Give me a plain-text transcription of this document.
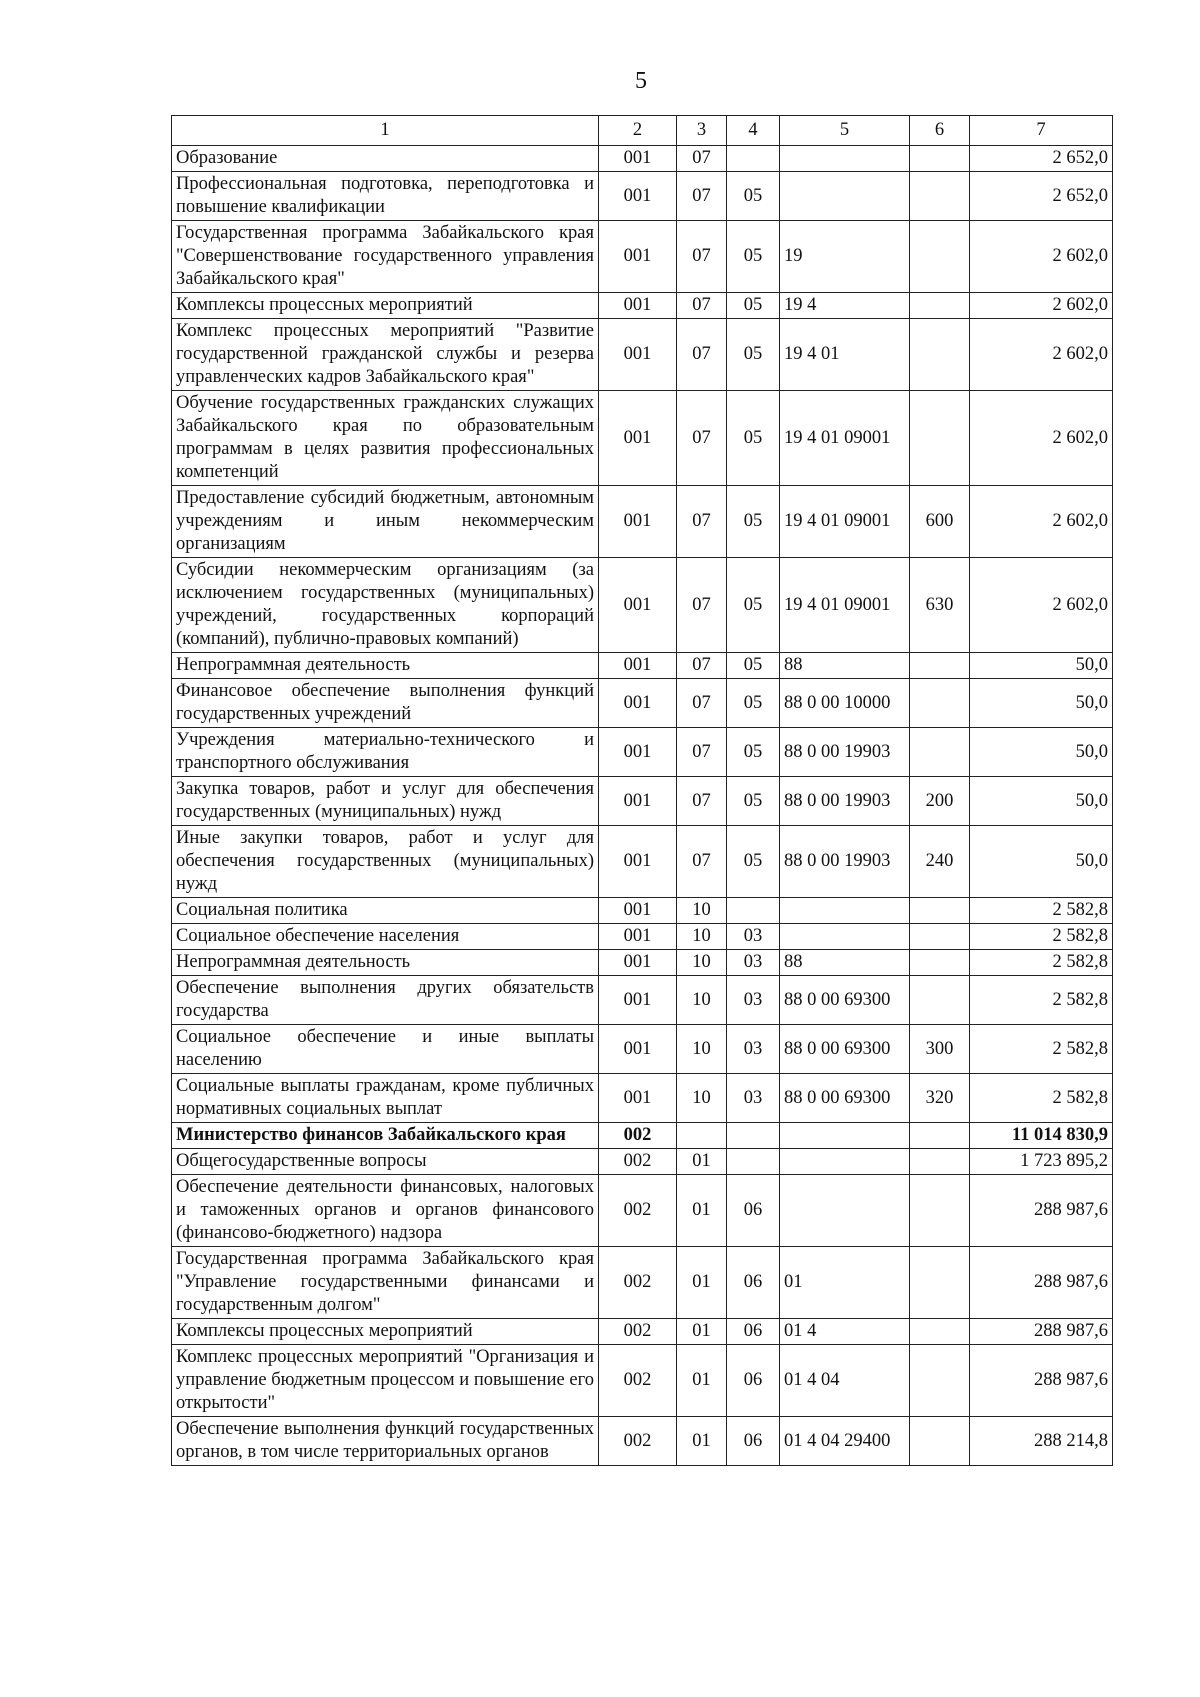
5
1	2	3	4	5	6	7
Образование	001	07				2 652,0
Профессиональная подготовка, переподготовка и повышение квалификации	001	07	05			2 652,0
Государственная программа Забайкальского края "Совершенствование государственного управления Забайкальского края"	001	07	05	19		2 602,0
Комплексы процессных мероприятий	001	07	05	19 4		2 602,0
Комплекс процессных мероприятий "Развитие государственной гражданской службы и резерва управленческих кадров Забайкальского края"	001	07	05	19 4 01		2 602,0
Обучение государственных гражданских служащих Забайкальского края по образовательным программам в целях развития профессиональных компетенций	001	07	05	19 4 01 09001		2 602,0
Предоставление субсидий бюджетным, автономным учреждениям и иным некоммерческим организациям	001	07	05	19 4 01 09001	600	2 602,0
Субсидии некоммерческим организациям (за исключением государственных (муниципальных) учреждений, государственных корпораций (компаний), публично-правовых компаний)	001	07	05	19 4 01 09001	630	2 602,0
Непрограммная деятельность	001	07	05	88		50,0
Финансовое обеспечение выполнения функций государственных учреждений	001	07	05	88 0 00 10000		50,0
Учреждения материально-технического и транспортного обслуживания	001	07	05	88 0 00 19903		50,0
Закупка товаров, работ и услуг для обеспечения государственных (муниципальных) нужд	001	07	05	88 0 00 19903	200	50,0
Иные закупки товаров, работ и услуг для обеспечения государственных (муниципальных) нужд	001	07	05	88 0 00 19903	240	50,0
Социальная политика	001	10				2 582,8
Социальное обеспечение населения	001	10	03			2 582,8
Непрограммная деятельность	001	10	03	88		2 582,8
Обеспечение выполнения других обязательств государства	001	10	03	88 0 00 69300		2 582,8
Социальное обеспечение и иные выплаты населению	001	10	03	88 0 00 69300	300	2 582,8
Социальные выплаты гражданам, кроме публичных нормативных социальных выплат	001	10	03	88 0 00 69300	320	2 582,8
Министерство финансов Забайкальского края	002					11 014 830,9
Общегосударственные вопросы	002	01				1 723 895,2
Обеспечение деятельности финансовых, налоговых и таможенных органов и органов финансового (финансово-бюджетного) надзора	002	01	06			288 987,6
Государственная программа Забайкальского края "Управление государственными финансами и государственным долгом"	002	01	06	01		288 987,6
Комплексы процессных мероприятий	002	01	06	01 4		288 987,6
Комплекс процессных мероприятий "Организация и управление бюджетным процессом и повышение его открытости"	002	01	06	01 4 04		288 987,6
Обеспечение выполнения функций государственных органов, в том числе территориальных органов	002	01	06	01 4 04 29400		288 214,8
